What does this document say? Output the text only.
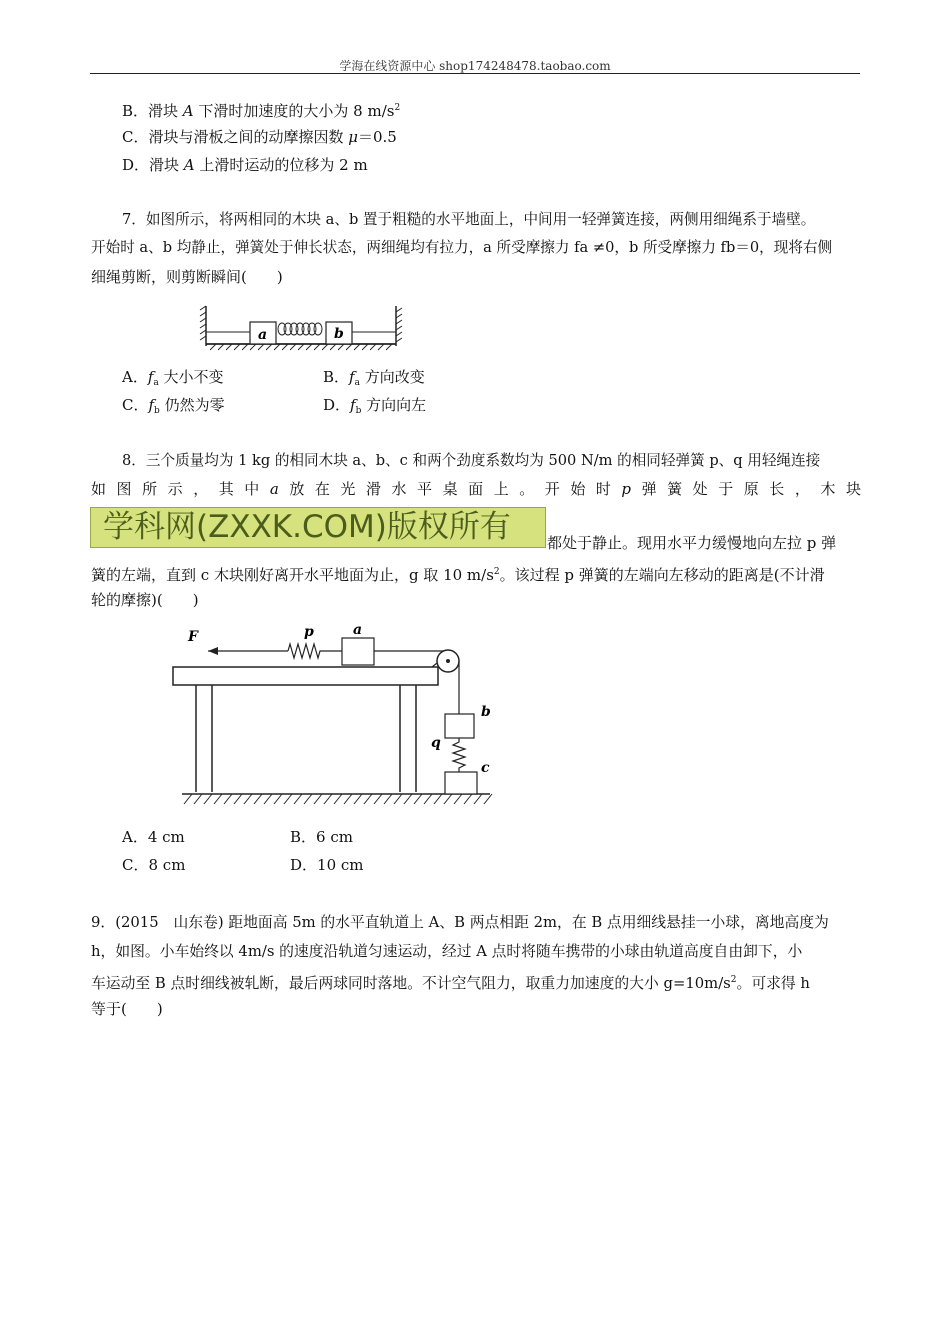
学海在线资源中心 shop174248478.taobao.com
B．滑块 A 下滑时加速度的大小为 8 $m/s^2$
C．滑块与滑板之间的动摩擦因数 μ＝0.5
D．滑块 A 上滑时运动的位移为 2 m
7．如图所示，将两相同的木块 a、b 置于粗糙的水平地面上，中间用一轻弹簧连接，两侧用细绳系于墙壁。
开始时 a、b 均静止，弹簧处于伸长状态，两细绳均有拉力，a 所受摩擦力 fa ≠0，b 所受摩擦力 fb＝0，现将右侧
细绳剪断，则剪断瞬间(　　)
a	b
A．$f_a$ 大小不变	B．$f_a$ 方向改变
C．$f_b$ 仍然为零	D．$f_b$ 方向向左
8．三个质量均为 1 kg 的相同木块 a、b、c 和两个劲度系数均为 500 N/m 的相同轻弹簧 p、q 用轻绳连接
如 图 所 示 ， 其 中 a 放 在 光 滑 水 平 桌 面 上 。 开 始 时 p 弹 簧 处 于 原 长 ， 木 块
学科网(ZXXK.COM)版权所有	都处于静止。现用水平力缓慢地向左拉 p 弹
簧的左端，直到 c 木块刚好离开水平地面为止，g 取 10 $m/s^2$。该过程 p 弹簧的左端向左移动的距离是(不计滑
轮的摩擦)(　　)
F	p	a
b
q
c
A．4 cm	B．6 cm
C．8 cm	D．10 cm
9．(2015　山东卷) 距地面高 5m 的水平直轨道上 A、B 两点相距 2m，在 B 点用细线悬挂一小球，离地高度为
h，如图。小车始终以 4m/s 的速度沿轨道匀速运动，经过 A 点时将随车携带的小球由轨道高度自由卸下，小
车运动至 B 点时细线被轧断，最后两球同时落地。不计空气阻力，取重力加速度的大小 $g=10m/s^2$。可求得 h
等于(　　)
